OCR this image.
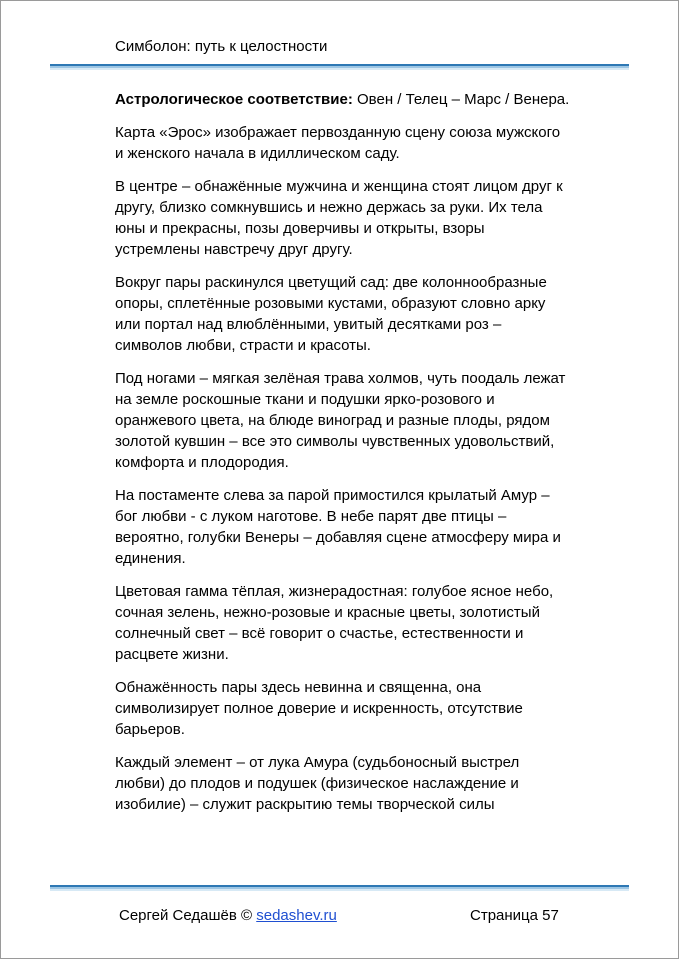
Симболон: путь к целостности

Астрологическое соответствие: Овен / Телец – Марс / Венера.

Карта «Эрос» изображает первозданную сцену союза мужского и женского начала в идиллическом саду.

В центре – обнажённые мужчина и женщина стоят лицом друг к другу, близко сомкнувшись и нежно держась за руки. Их тела юны и прекрасны, позы доверчивы и открыты, взоры устремлены навстречу друг другу.

Вокруг пары раскинулся цветущий сад: две колоннообразные опоры, сплетённые розовыми кустами, образуют словно арку или портал над влюблёнными, увитый десятками роз – символов любви, страсти и красоты.

Под ногами – мягкая зелёная трава холмов, чуть поодаль лежат на земле роскошные ткани и подушки ярко-розового и оранжевого цвета, на блюде виноград и разные плоды, рядом золотой кувшин – все это символы чувственных удовольствий, комфорта и плодородия.

На постаменте слева за парой примостился крылатый Амур – бог любви - с луком наготове. В небе парят две птицы – вероятно, голубки Венеры – добавляя сцене атмосферу мира и единения.

Цветовая гамма тёплая, жизнерадостная: голубое ясное небо, сочная зелень, нежно-розовые и красные цветы, золотистый солнечный свет – всё говорит о счастье, естественности и расцвете жизни.

Обнажённость пары здесь невинна и священна, она символизирует полное доверие и искренность, отсутствие барьеров.

Каждый элемент – от лука Амура (судьбоносный выстрел любви) до плодов и подушек (физическое наслаждение и изобилие) – служит раскрытию темы творческой силы

Сергей Седашёв © sedashev.ru	Страница 57
